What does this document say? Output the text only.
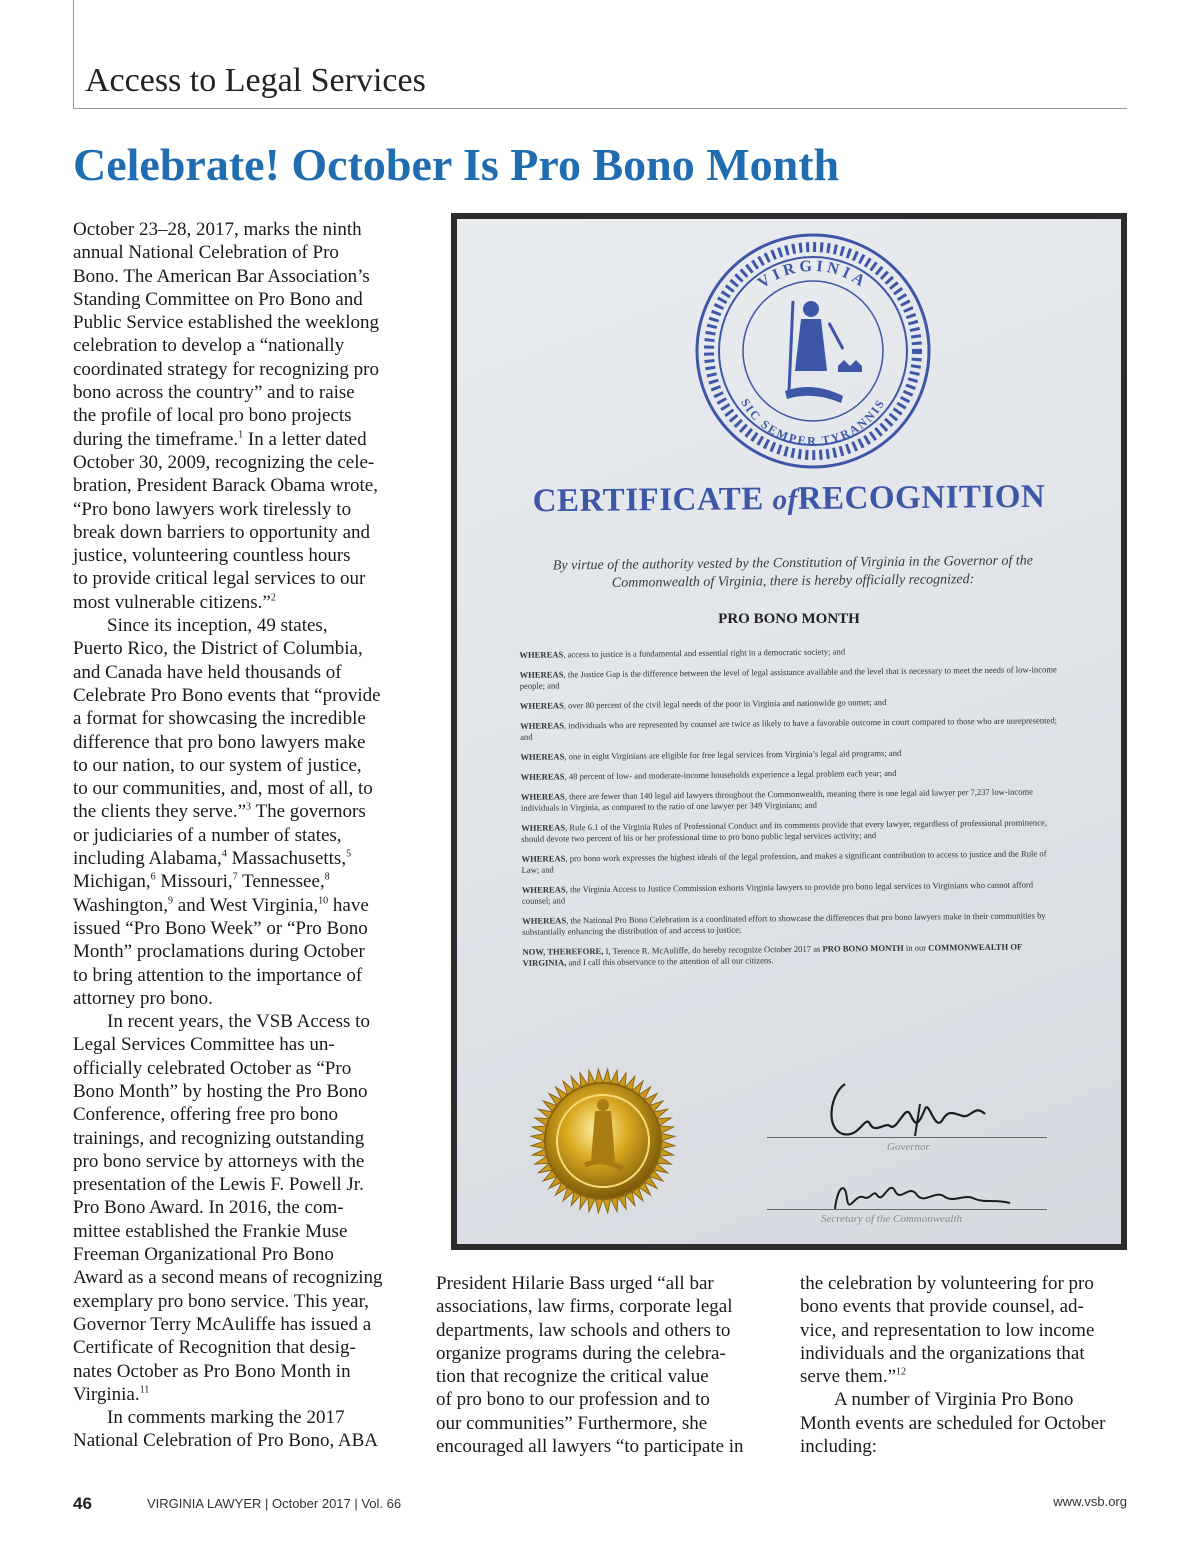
Access to Legal Services
Celebrate! October Is Pro Bono Month

October 23–28, 2017, marks the ninth
annual National Celebration of Pro
Bono. The American Bar Association’s
Standing Committee on Pro Bono and
Public Service established the weeklong
celebration to develop a “nationally
coordinated strategy for recognizing pro
bono across the country” and to raise
the profile of local pro bono projects
during the timeframe.$^1$ In a letter dated
October 30, 2009, recognizing the cele-
bration, President Barack Obama wrote,
“Pro bono lawyers work tirelessly to
break down barriers to opportunity and
justice, volunteering countless hours
to provide critical legal services to our
most vulnerable citizens.”$^2$

Since its inception, 49 states,
Puerto Rico, the District of Columbia,
and Canada have held thousands of
Celebrate Pro Bono events that “provide
a format for showcasing the incredible
difference that pro bono lawyers make
to our nation, to our system of justice,
to our communities, and, most of all, to
the clients they serve.”$^3$ The governors
or judiciaries of a number of states,
including Alabama,$^4$ Massachusetts,$^5$
Michigan,$^6$ Missouri,$^7$ Tennessee,$^8$
Washington,$^9$ and West Virginia,$^{10}$ have
issued “Pro Bono Week” or “Pro Bono
Month” proclamations during October
to bring attention to the importance of
attorney pro bono.

In recent years, the VSB Access to
Legal Services Committee has un-
officially celebrated October as “Pro
Bono Month” by hosting the Pro Bono
Conference, offering free pro bono
trainings, and recognizing outstanding
pro bono service by attorneys with the
presentation of the Lewis F. Powell Jr.
Pro Bono Award. In 2016, the com-
mittee established the Frankie Muse
Freeman Organizational Pro Bono
Award as a second means of recognizing
exemplary pro bono service. This year,
Governor Terry McAuliffe has issued a
Certificate of Recognition that desig-
nates October as Pro Bono Month in
Virginia.$^{11}$

In comments marking the 2017
National Celebration of Pro Bono, ABA

VIRGINIA
SIC SEMPER TYRANNIS
CERTIFICATE ofRECOGNITION
By virtue of the authority vested by the Constitution of Virginia in the Governor of the Commonwealth of Virginia, there is hereby officially recognized:
PRO BONO MONTH
WHEREAS, access to justice is a fundamental and essential right in a democratic society; and
WHEREAS, the Justice Gap is the difference between the level of legal assistance available and the level that is necessary to meet the needs of low-income people; and
WHEREAS, over 80 percent of the civil legal needs of the poor in Virginia and nationwide go unmet; and
WHEREAS, individuals who are represented by counsel are twice as likely to have a favorable outcome in court compared to those who are unrepresented; and
WHEREAS, one in eight Virginians are eligible for free legal services from Virginia’s legal aid programs; and
WHEREAS, 48 percent of low- and moderate-income households experience a legal problem each year; and
WHEREAS, there are fewer than 140 legal aid lawyers throughout the Commonwealth, meaning there is one legal aid lawyer per 7,237 low-income individuals in Virginia, as compared to the ratio of one lawyer per 349 Virginians; and
WHEREAS, Rule 6.1 of the Virginia Rules of Professional Conduct and its comments provide that every lawyer, regardless of professional prominence, should devote two percent of his or her professional time to pro bono public legal services activity; and
WHEREAS, pro bono work expresses the highest ideals of the legal profession, and makes a significant contribution to access to justice and the Rule of Law; and
WHEREAS, the Virginia Access to Justice Commission exhorts Virginia lawyers to provide pro bono legal services to Virginians who cannot afford counsel; and
WHEREAS, the National Pro Bono Celebration is a coordinated effort to showcase the differences that pro bono lawyers make in their communities by substantially enhancing the distribution of and access to justice;
NOW, THEREFORE, I, Terence R. McAuliffe, do hereby recognize October 2017 as PRO BONO MONTH in our COMMONWEALTH OF VIRGINIA, and I call this observance to the attention of all our citizens.
Governor
Secretary of the Commonwealth

President Hilarie Bass urged “all bar
associations, law firms, corporate legal
departments, law schools and others to
organize programs during the celebra-
tion that recognize the critical value
of pro bono to our profession and to
our communities” Furthermore, she
encouraged all lawyers “to participate in

the celebration by volunteering for pro
bono events that provide counsel, ad-
vice, and representation to low income
individuals and the organizations that
serve them.”$^{12}$

A number of Virginia Pro Bono
Month events are scheduled for October
including:

46	VIRGINIA LAWYER | October 2017 | Vol. 66	www.vsb.org
